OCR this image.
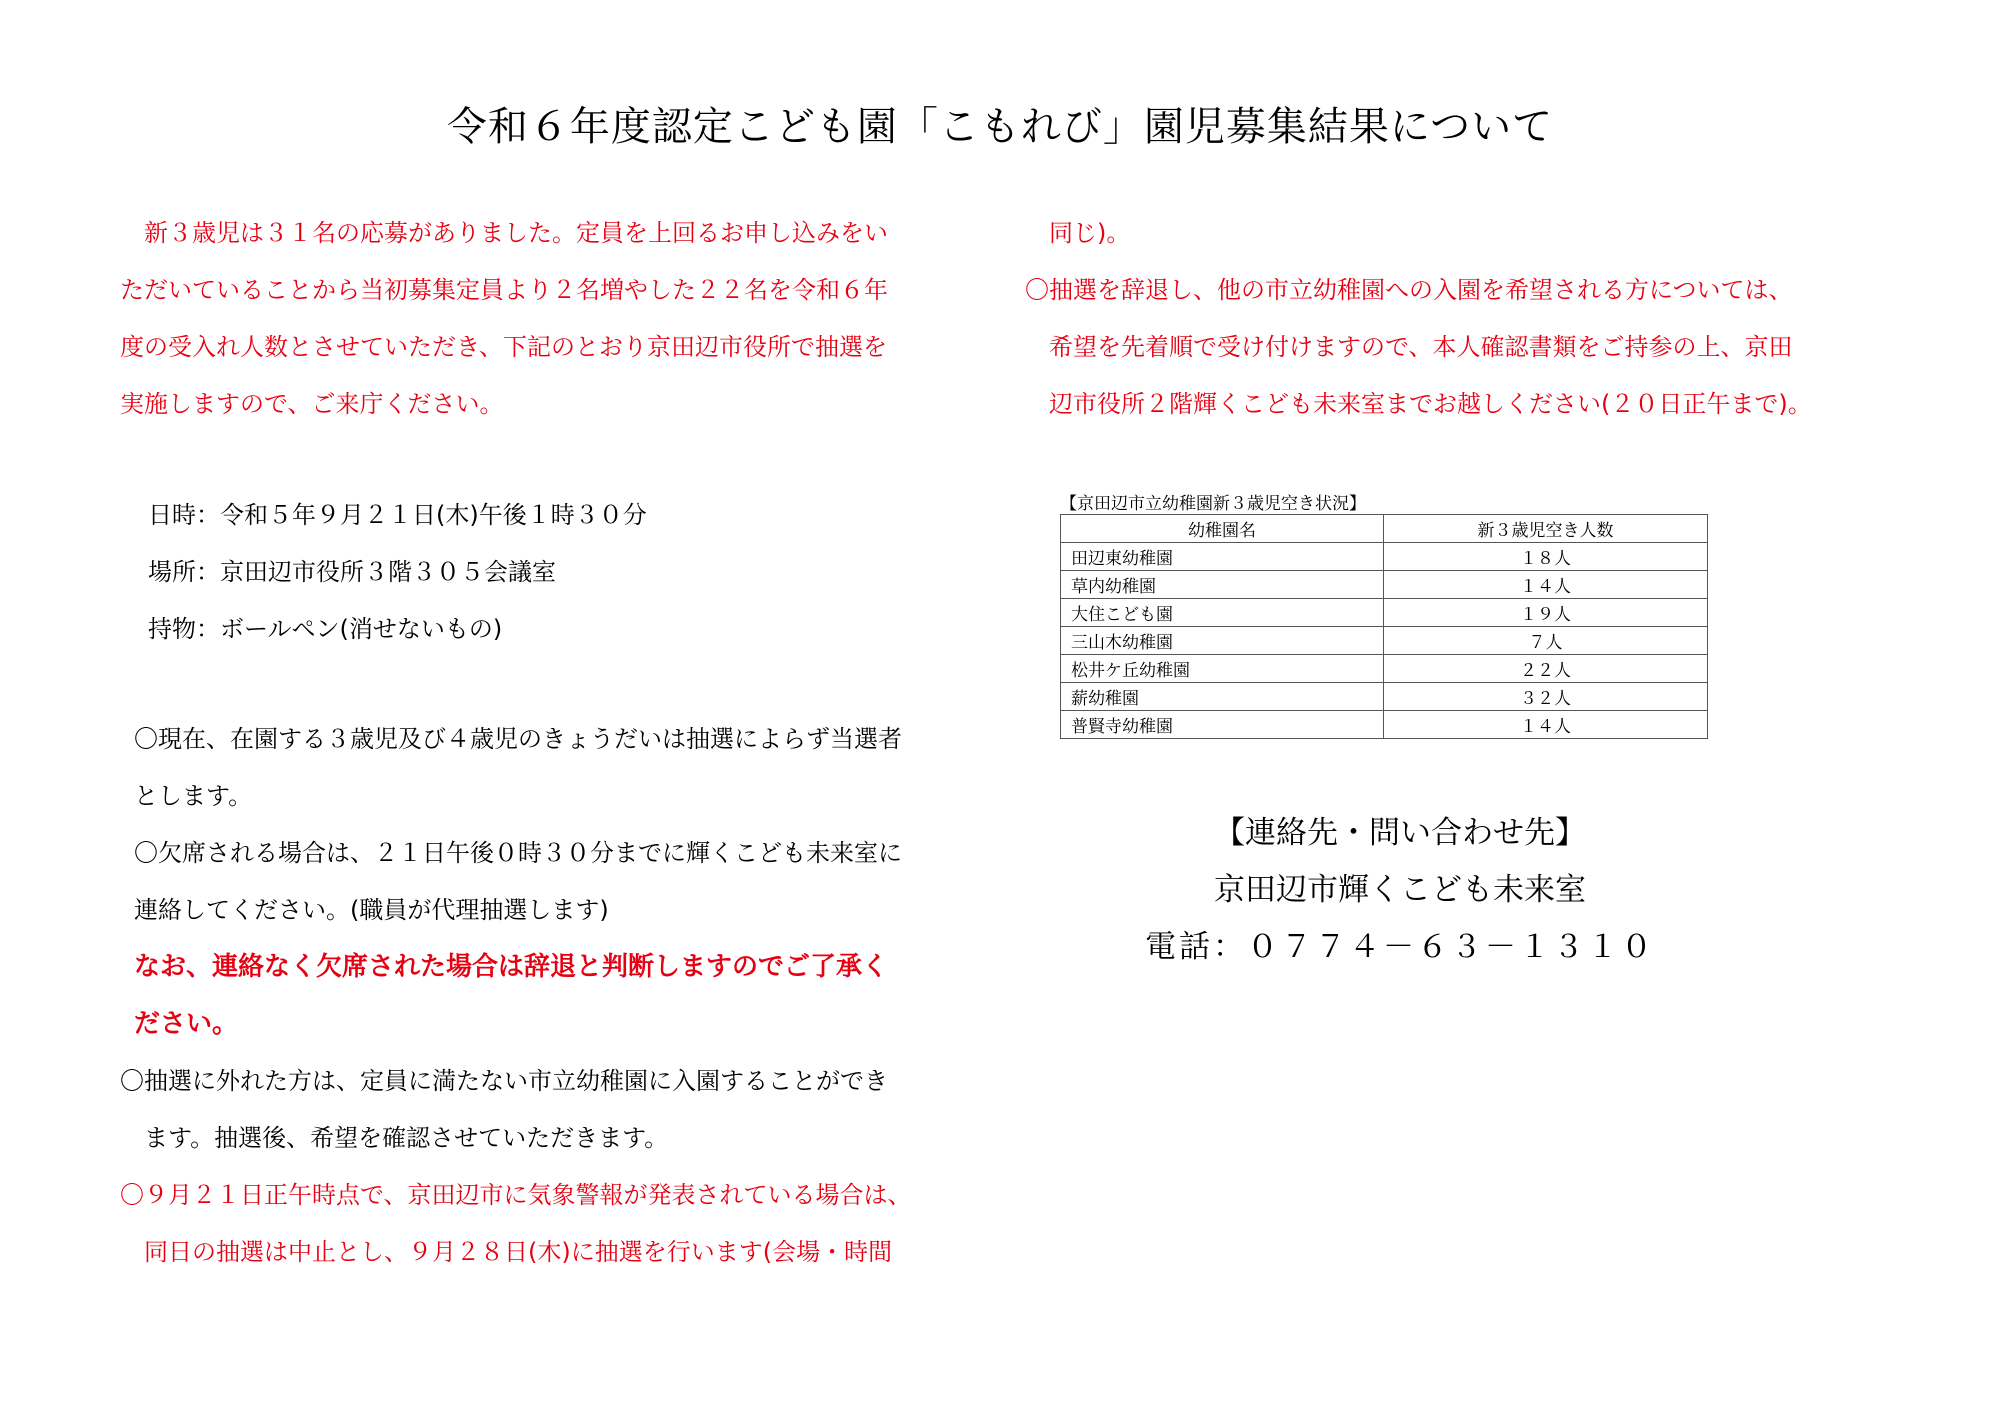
令和６年度認定こども園「こもれび」園児募集結果について
　新３歳児は３１名の応募がありました。定員を上回るお申し込みをい
ただいていることから当初募集定員より２名増やした２２名を令和６年
度の受入れ人数とさせていただき、下記のとおり京田辺市役所で抽選を
実施しますので、ご来庁ください。
日時：令和５年９月２１日(木)午後１時３０分
場所：京田辺市役所３階３０５会議室
持物：ボールペン(消せないもの)
〇現在、在園する３歳児及び４歳児のきょうだいは抽選によらず当選者
とします。
〇欠席される場合は、２１日午後０時３０分までに輝くこども未来室に
連絡してください。(職員が代理抽選します)
なお、連絡なく欠席された場合は辞退と判断しますのでご了承く
ださい。
〇抽選に外れた方は、定員に満たない市立幼稚園に入園することができ
　ます。抽選後、希望を確認させていただきます。
〇９月２１日正午時点で、京田辺市に気象警報が発表されている場合は、
　同日の抽選は中止とし、９月２８日(木)に抽選を行います(会場・時間
　同じ)。
〇抽選を辞退し、他の市立幼稚園への入園を希望される方については、
　希望を先着順で受け付けますので、本人確認書類をご持参の上、京田
　辺市役所２階輝くこども未来室までお越しください(２０日正午まで)。
【京田辺市立幼稚園新３歳児空き状況】
幼稚園名	新３歳児空き人数
田辺東幼稚園	１８人
草内幼稚園	１４人
大住こども園	１９人
三山木幼稚園	７人
松井ケ丘幼稚園	２２人
薪幼稚園	３２人
普賢寺幼稚園	１４人
【連絡先・問い合わせ先】
京田辺市輝くこども未来室
電話：０７７４－６３－１３１０
